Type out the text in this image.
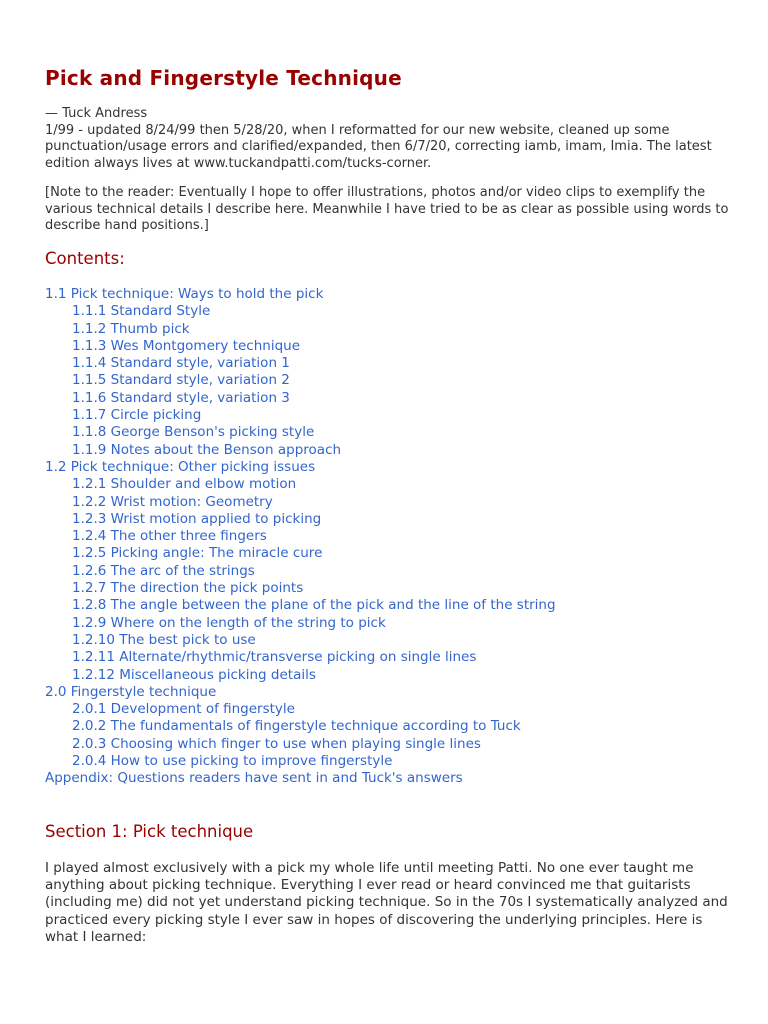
Pick and Fingerstyle Technique

— Tuck Andress

1/99 - updated 8/24/99 then 5/28/20, when I reformatted for our new website, cleaned up some punctuation/usage errors and clarified/expanded, then 6/7/20, correcting iamb, imam, Imia. The latest edition always lives at www.tuckandpatti.com/tucks-corner.

[Note to the reader: Eventually I hope to offer illustrations, photos and/or video clips to exemplify the various technical details I describe here. Meanwhile I have tried to be as clear as possible using words to describe hand positions.]

Contents:
1.1 Pick technique: Ways to hold the pick
1.1.1 Standard Style
1.1.2 Thumb pick
1.1.3 Wes Montgomery technique
1.1.4 Standard style, variation 1
1.1.5 Standard style, variation 2
1.1.6 Standard style, variation 3
1.1.7 Circle picking
1.1.8 George Benson's picking style
1.1.9 Notes about the Benson approach
1.2 Pick technique: Other picking issues
1.2.1 Shoulder and elbow motion
1.2.2 Wrist motion: Geometry
1.2.3 Wrist motion applied to picking
1.2.4 The other three fingers
1.2.5 Picking angle: The miracle cure
1.2.6 The arc of the strings
1.2.7 The direction the pick points
1.2.8 The angle between the plane of the pick and the line of the string
1.2.9 Where on the length of the string to pick
1.2.10 The best pick to use
1.2.11 Alternate/rhythmic/transverse picking on single lines
1.2.12 Miscellaneous picking details
2.0 Fingerstyle technique
2.0.1 Development of fingerstyle
2.0.2 The fundamentals of fingerstyle technique according to Tuck
2.0.3 Choosing which finger to use when playing single lines
2.0.4 How to use picking to improve fingerstyle
Appendix: Questions readers have sent in and Tuck's answers
Section 1: Pick technique

I played almost exclusively with a pick my whole life until meeting Patti. No one ever taught me anything about picking technique. Everything I ever read or heard convinced me that guitarists (including me) did not yet understand picking technique. So in the 70s I systematically analyzed and practiced every picking style I ever saw in hopes of discovering the underlying principles. Here is what I learned:
